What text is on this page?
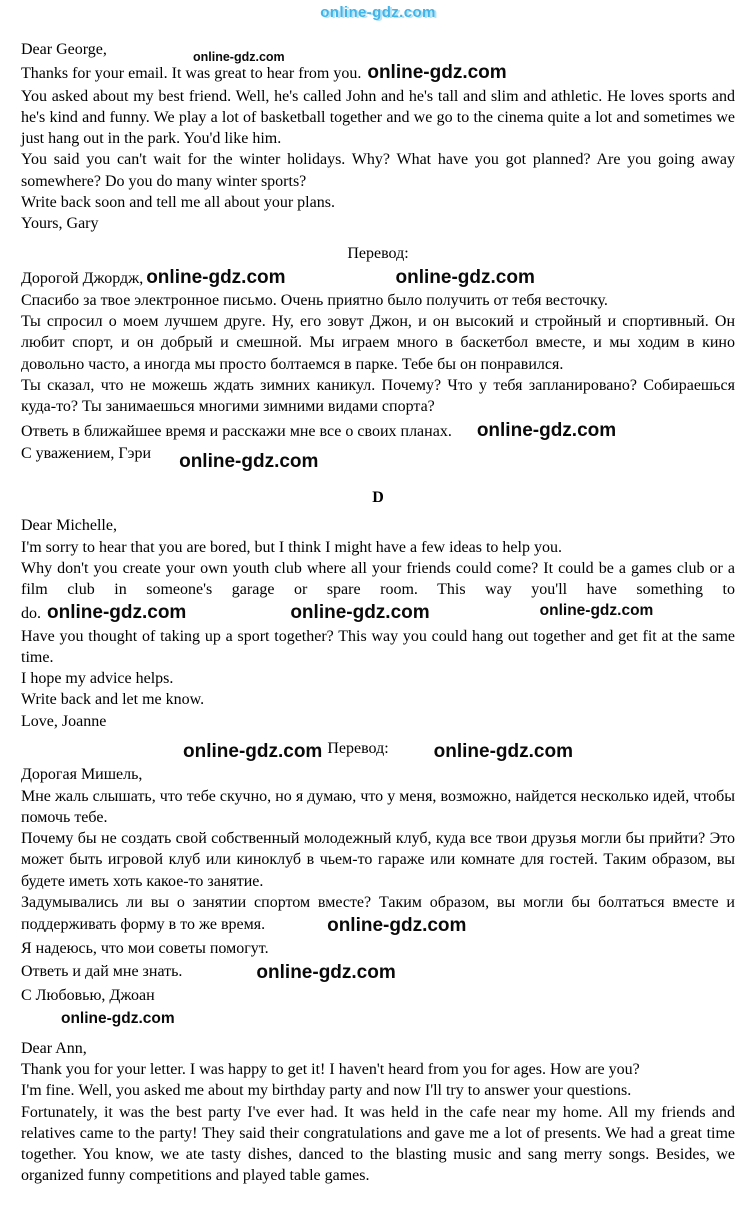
online-gdz.com

Dear George,

Thanks for your email. It was great to hear from you. online-gdz.com

You asked about my best friend. Well, he's called John and he's tall and slim and athletic. He loves sports and he's kind and funny. We play a lot of basketball together and we go to the cinema quite a lot and sometimes we just hang out in the park. You'd like him.

You said you can't wait for the winter holidays. Why? What have you got planned? Are you going away somewhere? Do you do many winter sports?

Write back soon and tell me all about your plans.

Yours, Gary

Перевод:

Дорогой Джордж, online-gdz.com	online-gdz.com

Спасибо за твое электронное письмо. Очень приятно было получить от тебя весточку.

Ты спросил о моем лучшем друге. Ну, его зовут Джон, и он высокий и стройный и спортивный. Он любит спорт, и он добрый и смешной. Мы играем много в баскетбол вместе, и мы ходим в кино довольно часто, а иногда мы просто болтаемся в парке. Тебе бы он понравился.

Ты сказал, что не можешь ждать зимних каникул. Почему? Что у тебя запланировано? Собираешься куда-то? Ты занимаешься многими зимними видами спорта?

Ответь в ближайшее время и расскажи мне все о своих планах. online-gdz.com

С уважением, Гэри online-gdz.com

D

Dear Michelle,

I'm sorry to hear that you are bored, but I think I might have a few ideas to help you.

Why don't you create your own youth club where all your friends could come? It could be a games club or a film club in someone's garage or spare room. This way you'll have something to do. online-gdz.com	online-gdz.com	online-gdz.com

Have you thought of taking up a sport together? This way you could hang out together and get fit at the same time.

I hope my advice helps.

Write back and let me know.

Love, Joanne

online-gdz.com Перевод: online-gdz.com

Дорогая Мишель,

Мне жаль слышать, что тебе скучно, но я думаю, что у меня, возможно, найдется несколько идей, чтобы помочь тебе.

Почему бы не создать свой собственный молодежный клуб, куда все твои друзья могли бы прийти? Это может быть игровой клуб или киноклуб в чьем-то гараже или комнате для гостей. Таким образом, вы будете иметь хоть какое-то занятие.

Задумывались ли вы о занятии спортом вместе? Таким образом, вы могли бы болтаться вместе и поддерживать форму в то же время.	online-gdz.com

Я надеюсь, что мои советы помогут.

Ответь и дай мне знать.	online-gdz.com

С Любовью, Джоан

online-gdz.com

Dear Ann,

Thank you for your letter. I was happy to get it! I haven't heard from you for ages. How are you?

I'm fine. Well, you asked me about my birthday party and now I'll try to answer your questions.

Fortunately, it was the best party I've ever had. It was held in the cafe near my home. All my friends and relatives came to the party! They said their congratulations and gave me a lot of presents. We had a great time together. You know, we ate tasty dishes, danced to the blasting music and sang merry songs. Besides, we organized funny competitions and played table games.

online-gdz.com
